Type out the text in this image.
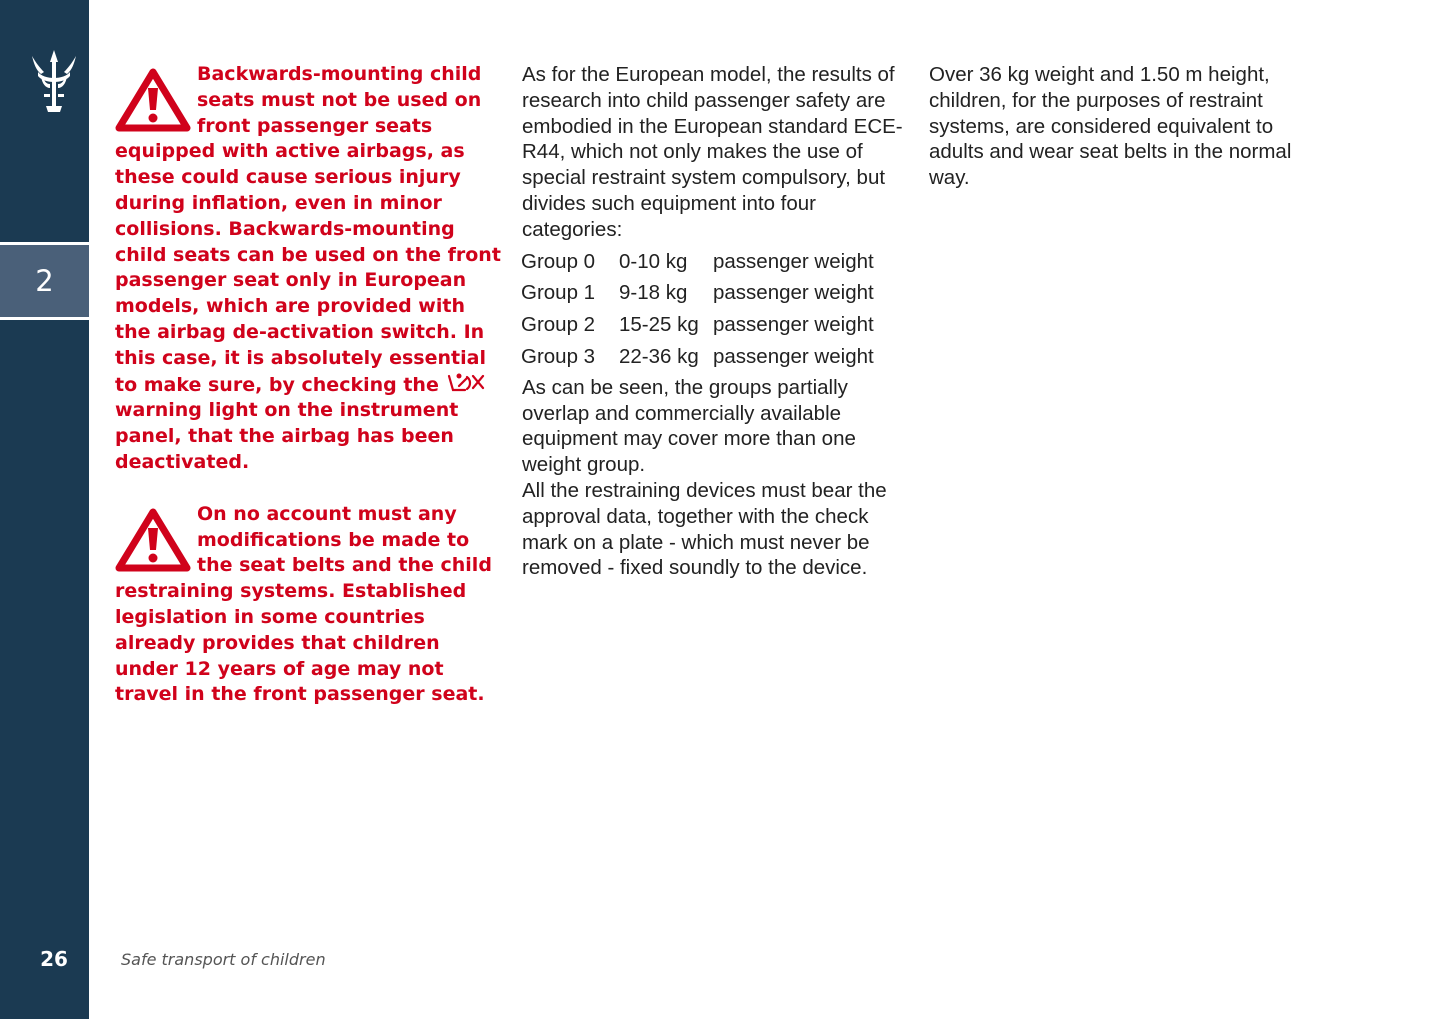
2
26
Backwards-mounting child seats must not be used on front passenger seats equipped with active airbags, as these could cause serious injury during inflation, even in minor collisions. Backwards-mounting child seats can be used on the front passenger seat only in European models, which are provided with the airbag de-activation switch. In this case, it is absolutely essential to make sure, by checking the  warning light on the instrument panel, that the airbag has been deactivated.
On no account must any modifications be made to the seat belts and the child restraining systems. Established legislation in some countries already provides that children under 12 years of age may not travel in the front passenger seat.

As for the European model, the results of research into child passenger safety are embodied in the European standard ECE-R44, which not only makes the use of special restraint system compulsory, but divides such equipment into four categories:

Group 0	0-10 kg	passenger weight
Group 1	9-18 kg	passenger weight
Group 2	15-25 kg	passenger weight
Group 3	22-36 kg	passenger weight

As can be seen, the groups partially overlap and commercially available equipment may cover more than one weight group.

All the restraining devices must bear the approval data, together with the check mark on a plate - which must never be removed - fixed soundly to the device.

Over 36 kg weight and 1.50 m height, children, for the purposes of restraint systems, are considered equivalent to adults and wear seat belts in the normal way.

Safe transport of children
